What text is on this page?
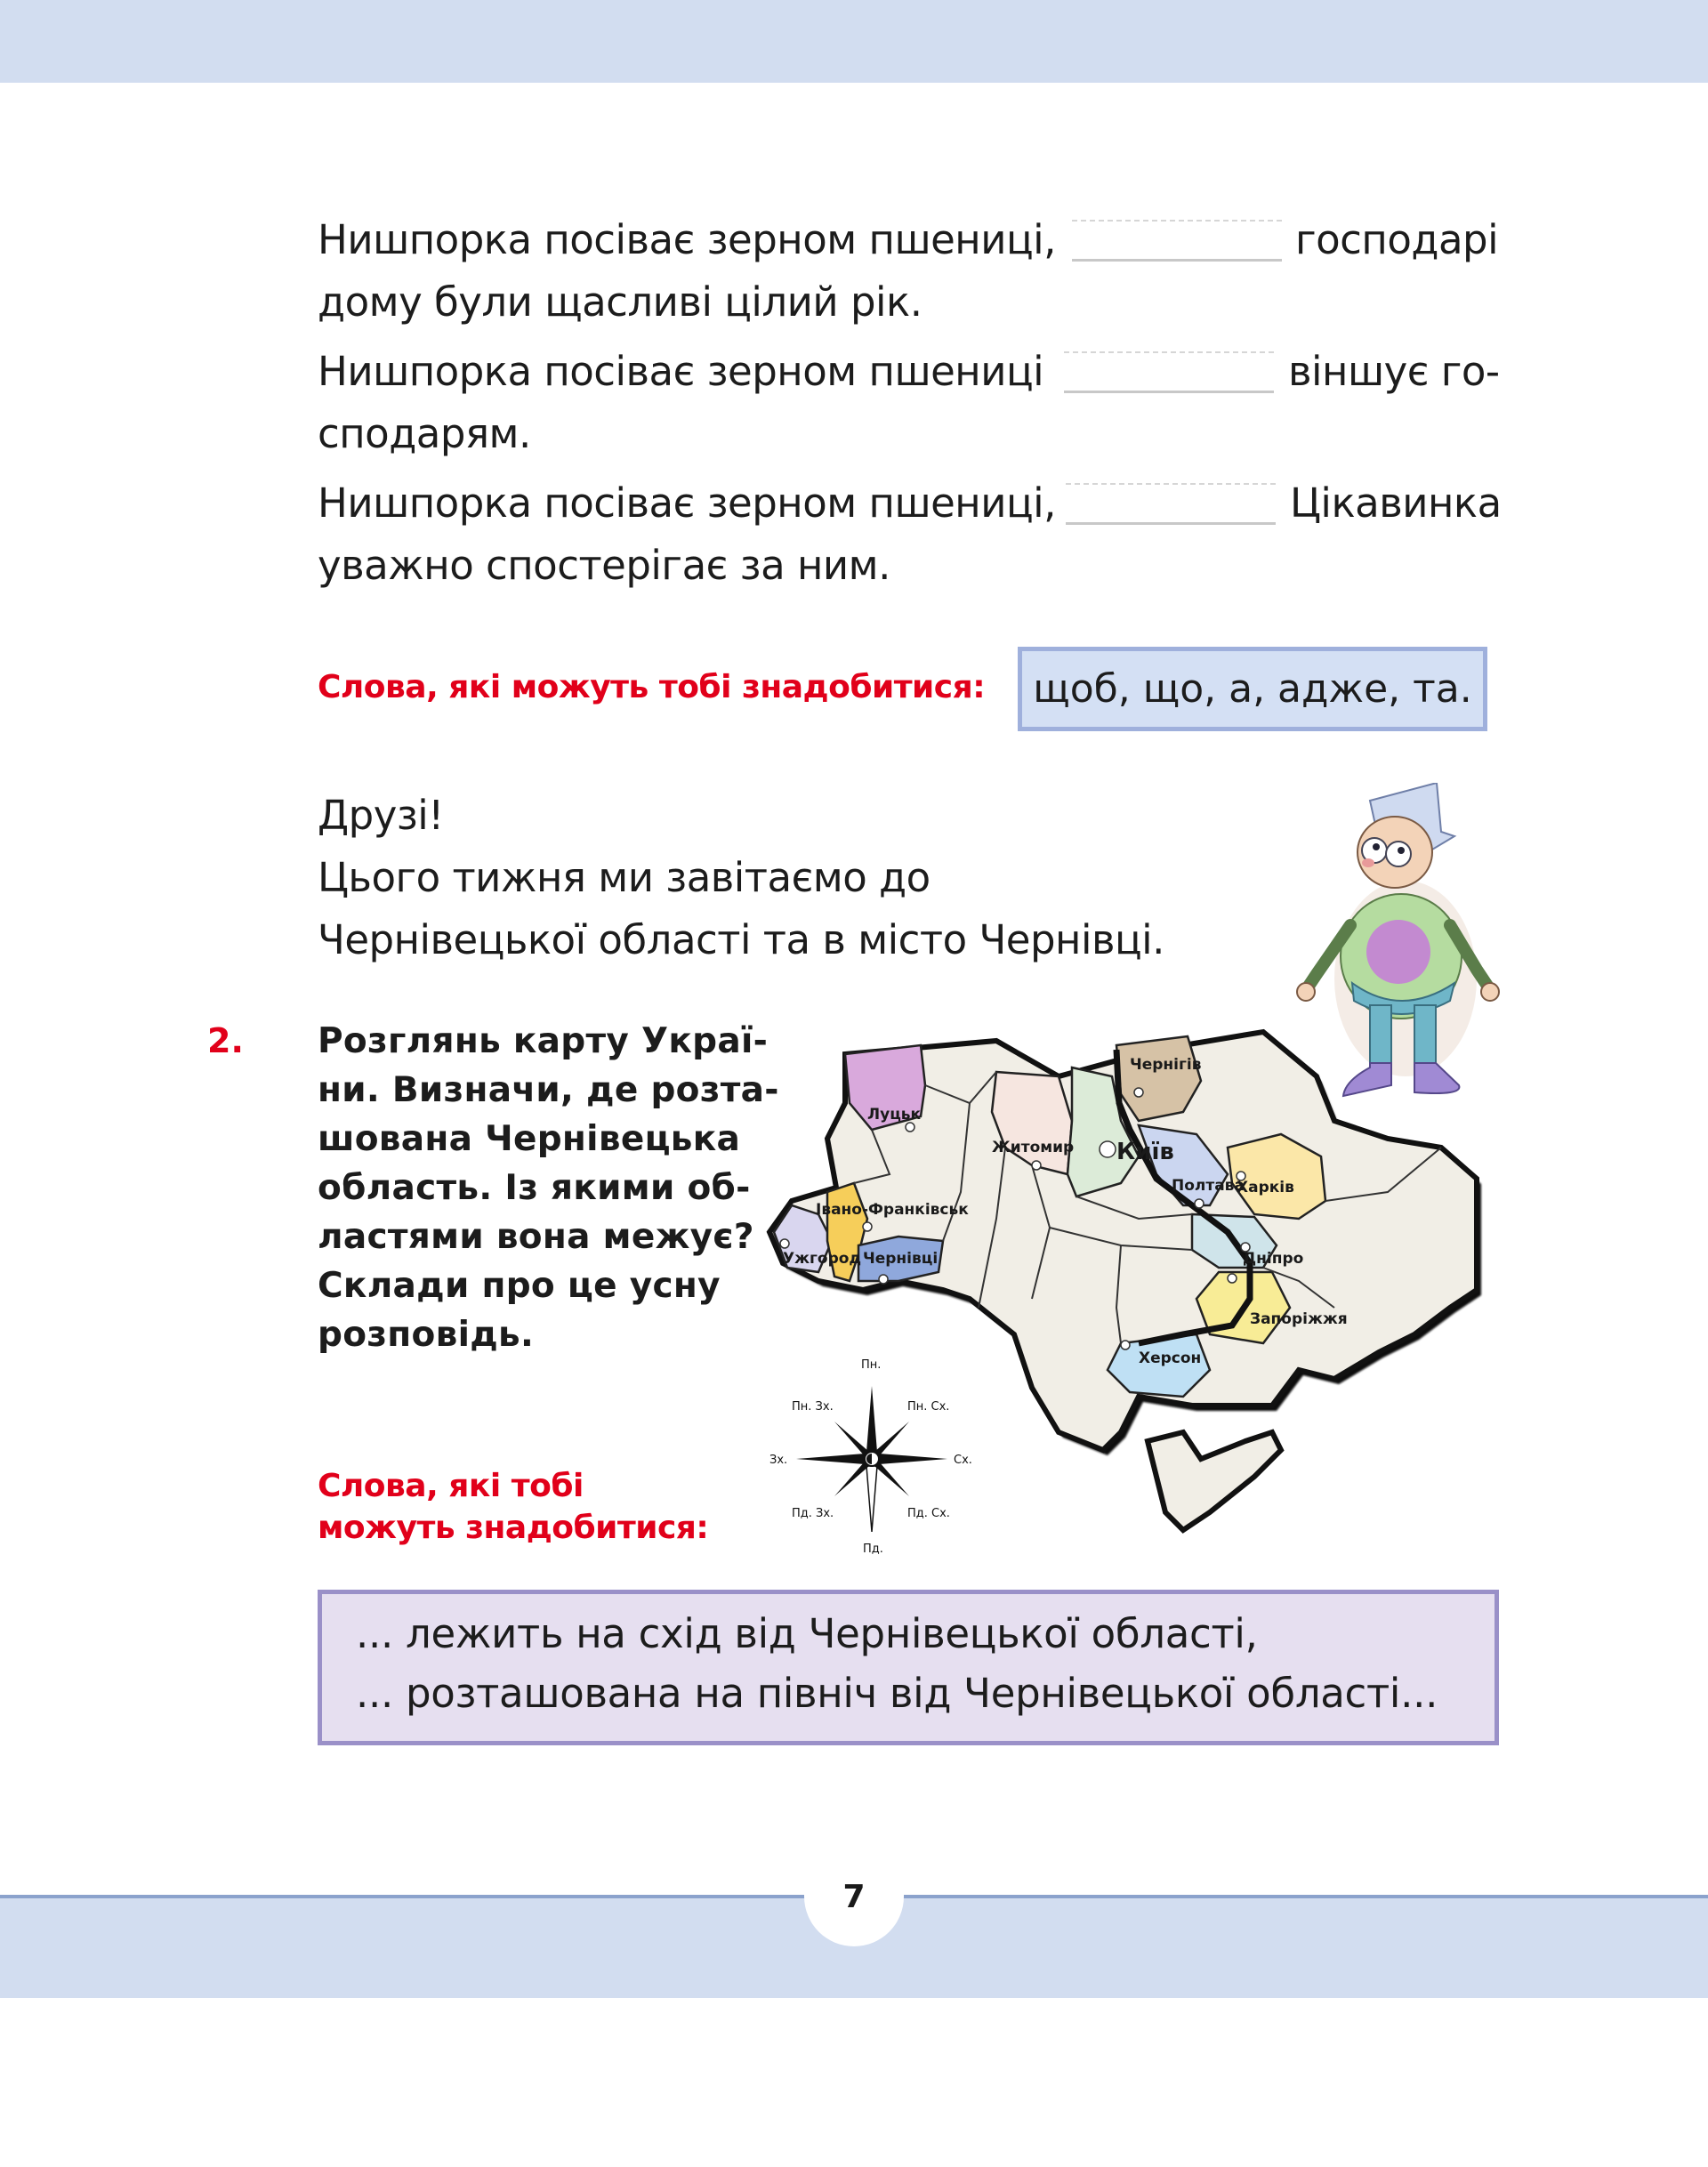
Нишпорка посіває зерном пшениці,	господарі
дому були щасливі цілий рік.
Нишпорка посіває зерном пшениці	віншує го-
сподарям.
Нишпорка посіває зерном пшениці,	Цікавинка
уважно спостерігає за ним.
Слова, які можуть тобі знадобитися: щоб, що, а, адже, та.
Друзі!
Цього тижня ми завітаємо до
Чернівецької області та в місто Чернівці.
2. Розглянь карту Украї-
ни. Визначи, де розта-
шована Чернівецька
область. Із якими об-
ластями вона межує?
Склади про це усну
розповідь.
Слова, які тобі
можуть знадобитися:
Луцьк
Житомир Київ
Чернігів
Полтава
Харків
Дніпро
Запоріжжя
Херсон
Івано-Франківськ
Ужгород Чернівці
Пн.
Пн. Зх.	Пн. Сх.
Зх.	Сх.
Пд. Зх.	Пд. Сх.
Пд.
... лежить на схід від Чернівецької області,
... розташована на північ від Чернівецької області...
7
